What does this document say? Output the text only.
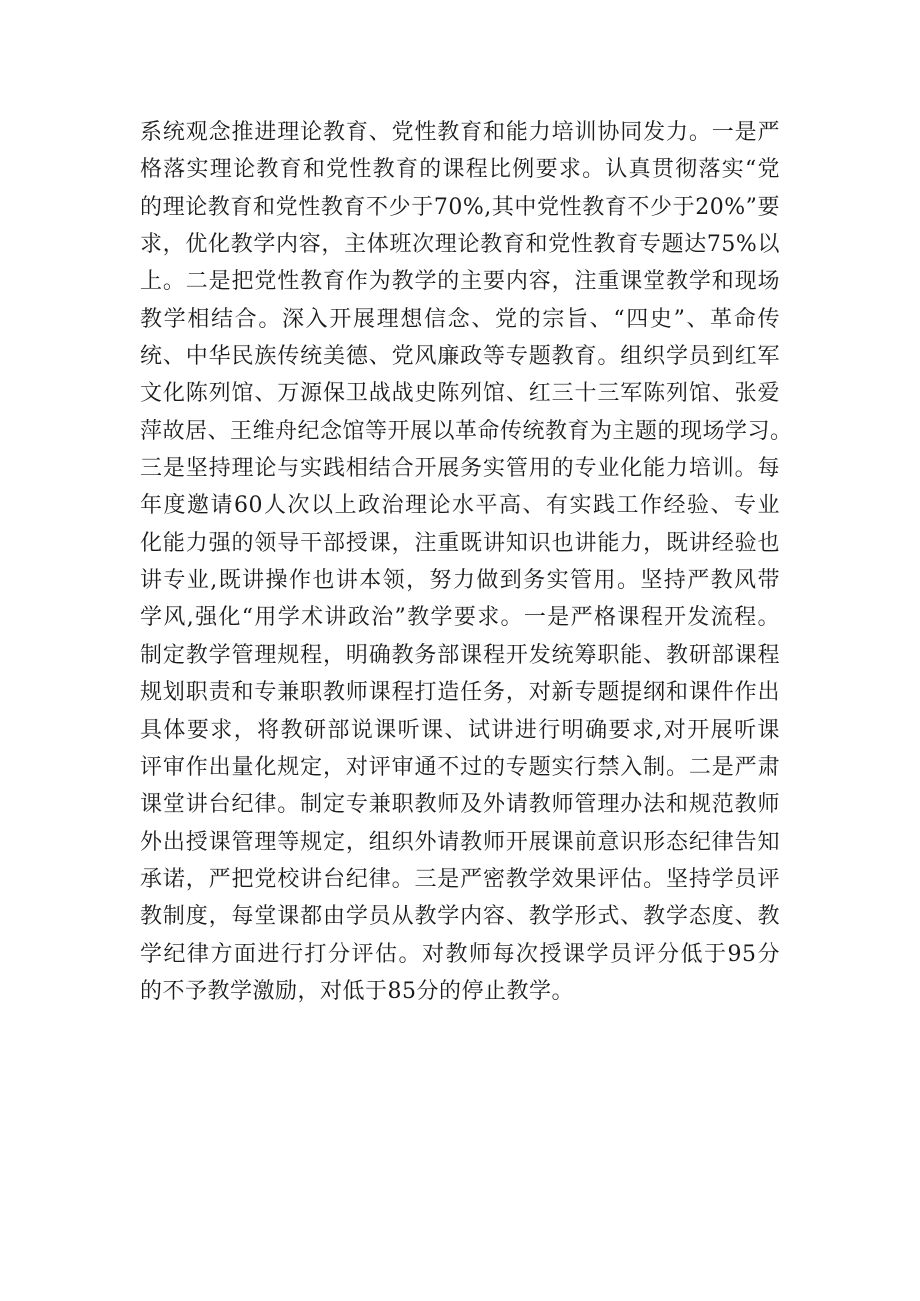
系统观念推进理论教育、党性教育和能力培训协同发力。一是严
格落实理论教育和党性教育的课程比例要求。认真贯彻落实“党
的理论教育和党性教育不少于70%,其中党性教育不少于20%”要
求，优化教学内容，主体班次理论教育和党性教育专题达75%以
上。二是把党性教育作为教学的主要内容，注重课堂教学和现场
教学相结合。深入开展理想信念、党的宗旨、“四史”、革命传
统、中华民族传统美德、党风廉政等专题教育。组织学员到红军
文化陈列馆、万源保卫战战史陈列馆、红三十三军陈列馆、张爱
萍故居、王维舟纪念馆等开展以革命传统教育为主题的现场学习。
三是坚持理论与实践相结合开展务实管用的专业化能力培训。每
年度邀请60人次以上政治理论水平高、有实践工作经验、专业
化能力强的领导干部授课，注重既讲知识也讲能力，既讲经验也
讲专业,既讲操作也讲本领，努力做到务实管用。坚持严教风带
学风,强化“用学术讲政治”教学要求。一是严格课程开发流程。
制定教学管理规程，明确教务部课程开发统筹职能、教研部课程
规划职责和专兼职教师课程打造任务，对新专题提纲和课件作出
具体要求，将教研部说课听课、试讲进行明确要求,对开展听课
评审作出量化规定，对评审通不过的专题实行禁入制。二是严肃
课堂讲台纪律。制定专兼职教师及外请教师管理办法和规范教师
外出授课管理等规定，组织外请教师开展课前意识形态纪律告知
承诺，严把党校讲台纪律。三是严密教学效果评估。坚持学员评
教制度，每堂课都由学员从教学内容、教学形式、教学态度、教
学纪律方面进行打分评估。对教师每次授课学员评分低于95分
的不予教学激励，对低于85分的停止教学。
